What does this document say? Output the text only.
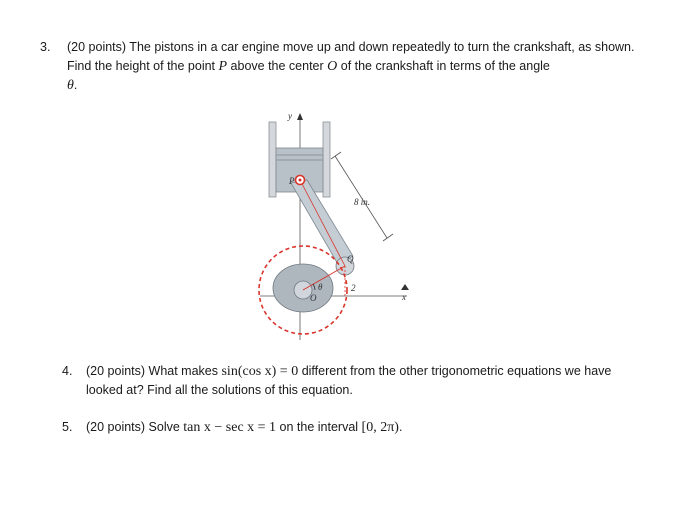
3.	(20 points) The pistons in a car engine move up and down repeatedly to turn the crankshaft, as shown. Find the height of the point P above the center O of the crankshaft in terms of the angle
θ.
y
x
P
O
Q
θ	2
8 in.
4.	(20 points) What makes sin(cos x) = 0 different from the other trigonometric equations we have looked at? Find all the solutions of this equation.
5.	(20 points) Solve tan x − sec x = 1 on the interval [0, 2π).
